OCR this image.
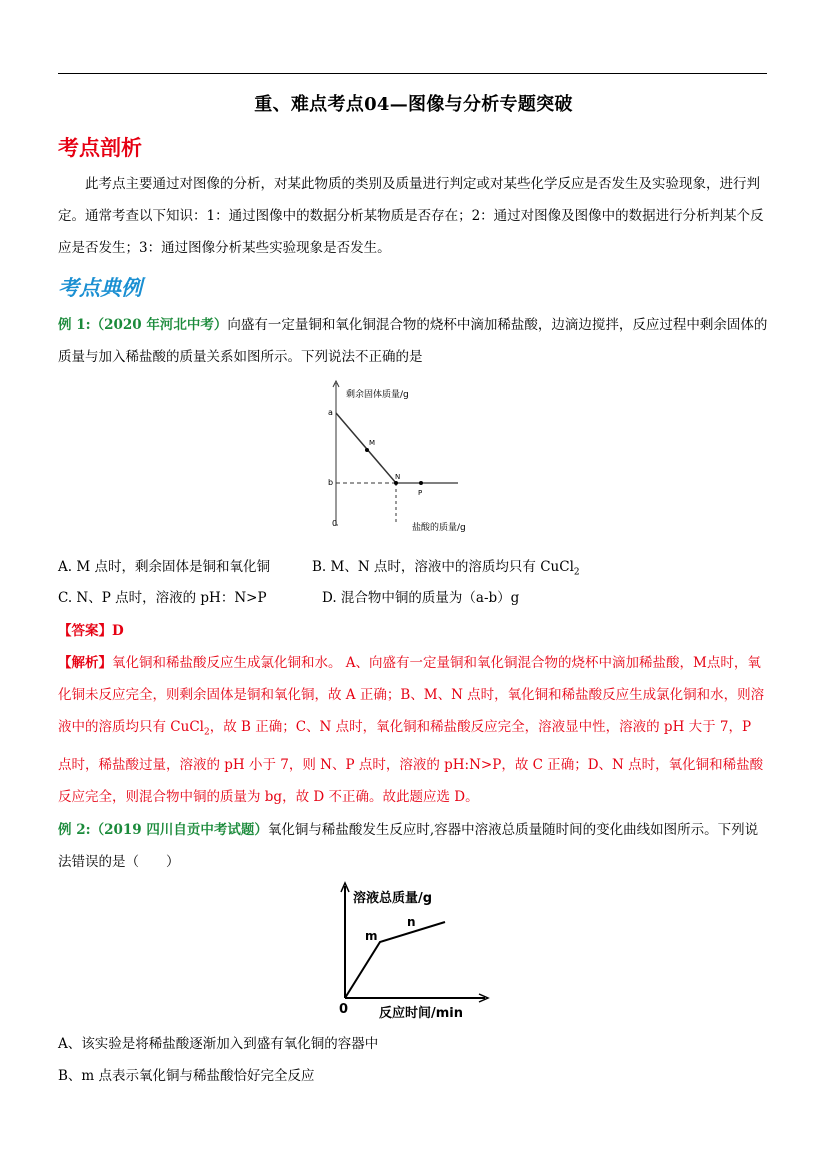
重、难点考点04—图像与分析专题突破
考点剖析
此考点主要通过对图像的分析，对某此物质的类别及质量进行判定或对某些化学反应是否发生及实验现象，进行判定。通常考查以下知识：1：通过图像中的数据分析某物质是否存在；2：通过对图像及图像中的数据进行分析判某个反应是否发生；3：通过图像分析某些实验现象是否发生。
考点典例
例 1:（2020 年河北中考）向盛有一定量铜和氧化铜混合物的烧杯中滴加稀盐酸，边滴边搅拌，反应过程中剩余固体的质量与加入稀盐酸的质量关系如图所示。下列说法不正确的是
剩余固体质量/g
a
b
0
M
N
P
盐酸的质量/g
A. M 点时，剩余固体是铜和氧化铜	B. M、N 点时，溶液中的溶质均只有 CuCl$_2$
C. N、P 点时，溶液的 pH：N>P	D. 混合物中铜的质量为（a-b）g
【答案】D
【解析】氧化铜和稀盐酸反应生成氯化铜和水。 A、向盛有一定量铜和氧化铜混合物的烧杯中滴加稀盐酸，M点时，氧化铜未反应完全，则剩余固体是铜和氧化铜，故 A 正确；B、M、N 点时，氧化铜和稀盐酸反应生成氯化铜和水，则溶液中的溶质均只有 CuCl$_2$，故 B 正确；C、N 点时，氧化铜和稀盐酸反应完全，溶液显中性，溶液的 pH 大于 7，P 点时，稀盐酸过量，溶液的 pH 小于 7，则 N、P 点时，溶液的 pH:N>P，故 C 正确；D、N 点时，氧化铜和稀盐酸反应完全，则混合物中铜的质量为 bg，故 D 不正确。故此题应选 D。
例 2:（2019 四川自贡中考试题）氧化铜与稀盐酸发生反应时,容器中溶液总质量随时间的变化曲线如图所示。下列说法错误的是（　　）
溶液总质量/g
m
n
0 反应时间/min
A、该实验是将稀盐酸逐渐加入到盛有氧化铜的容器中
B、m 点表示氧化铜与稀盐酸恰好完全反应
